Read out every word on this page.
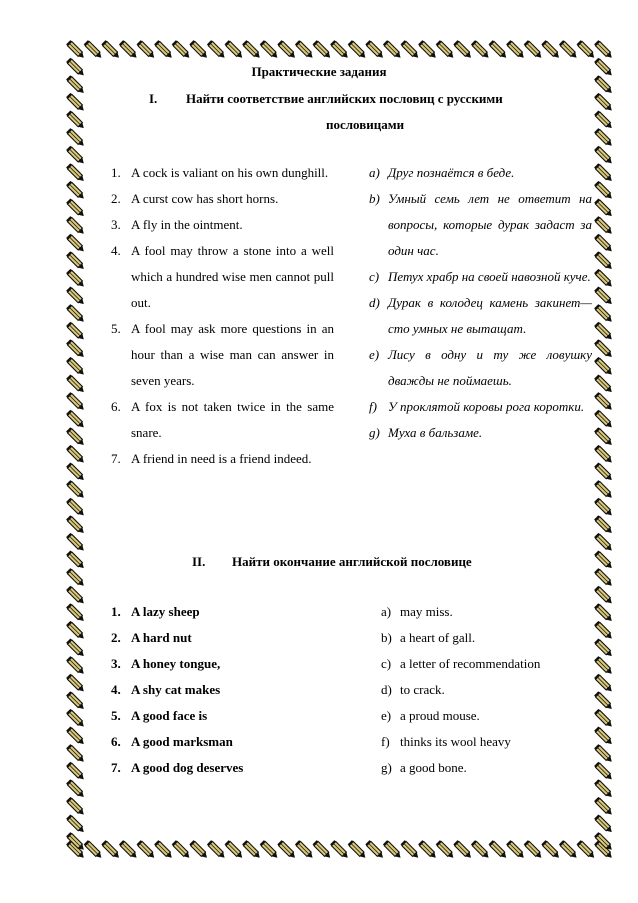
Практические задания
I. Найти соответствие английских пословиц с русскими
пословицами
1. A cock is valiant on his own dunghill.
2. A curst cow has short horns.
3. A fly in the ointment.
4. A fool may throw a stone into a well which a hundred wise men cannot pull out.
5. A fool may ask more questions in an hour than a wise man can answer in seven years.
6. A fox is not taken twice in the same snare.
7. A friend in need is a friend indeed.
a) Друг познаётся в беде.
b) Умный семь лет не ответит на вопросы, которые дурак задаст за один час.
c) Петух храбр на своей навозной куче.
d) Дурак в колодец камень закинет—сто умных не вытащат.
e) Лису в одну и ту же ловушку дважды не поймаешь.
f) У проклятой коровы рога коротки.
g) Муха в бальзаме.
II. Найти окончание английской пословице
1. A lazy sheep
2. A hard nut
3. A honey tongue,
4. A shy cat makes
5. A good face is
6. A good marksman
7. A good dog deserves
a) may miss.
b) a heart of gall.
c) a letter of recommendation
d) to crack.
e) a proud mouse.
f) thinks its wool heavy
g) a good bone.
